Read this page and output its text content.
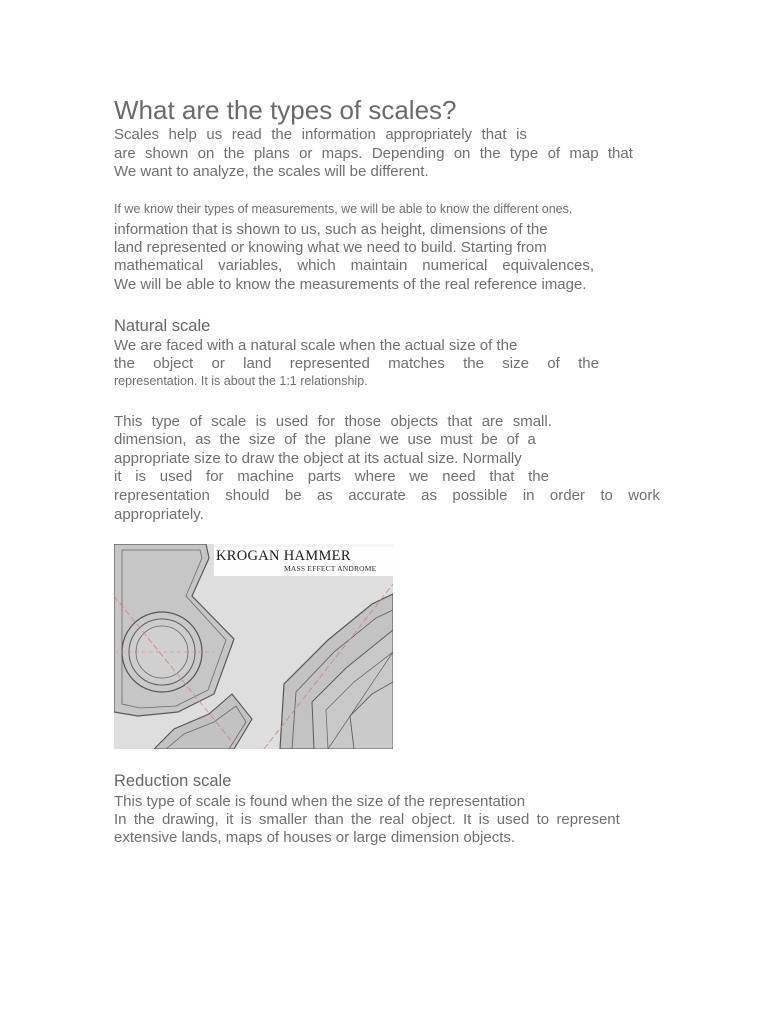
What are the types of scales?
Scales help us read the information appropriately that is
are shown on the plans or maps. Depending on the type of map that
We want to analyze, the scales will be different.
If we know their types of measurements, we will be able to know the different ones.
information that is shown to us, such as height, dimensions of the
land represented or knowing what we need to build. Starting from
mathematical variables, which maintain numerical equivalences,
We will be able to know the measurements of the real reference image.
Natural scale
We are faced with a natural scale when the actual size of the
the object or land represented matches the size of the
representation. It is about the 1:1 relationship.
This type of scale is used for those objects that are small.
dimension, as the size of the plane we use must be of a
appropriate size to draw the object at its actual size. Normally
it is used for machine parts where we need that the
representation should be as accurate as possible in order to work
appropriately.
KROGAN HAMMER
MASS EFFECT ANDROME
Reduction scale
This type of scale is found when the size of the representation
In the drawing, it is smaller than the real object. It is used to represent
extensive lands, maps of houses or large dimension objects.
